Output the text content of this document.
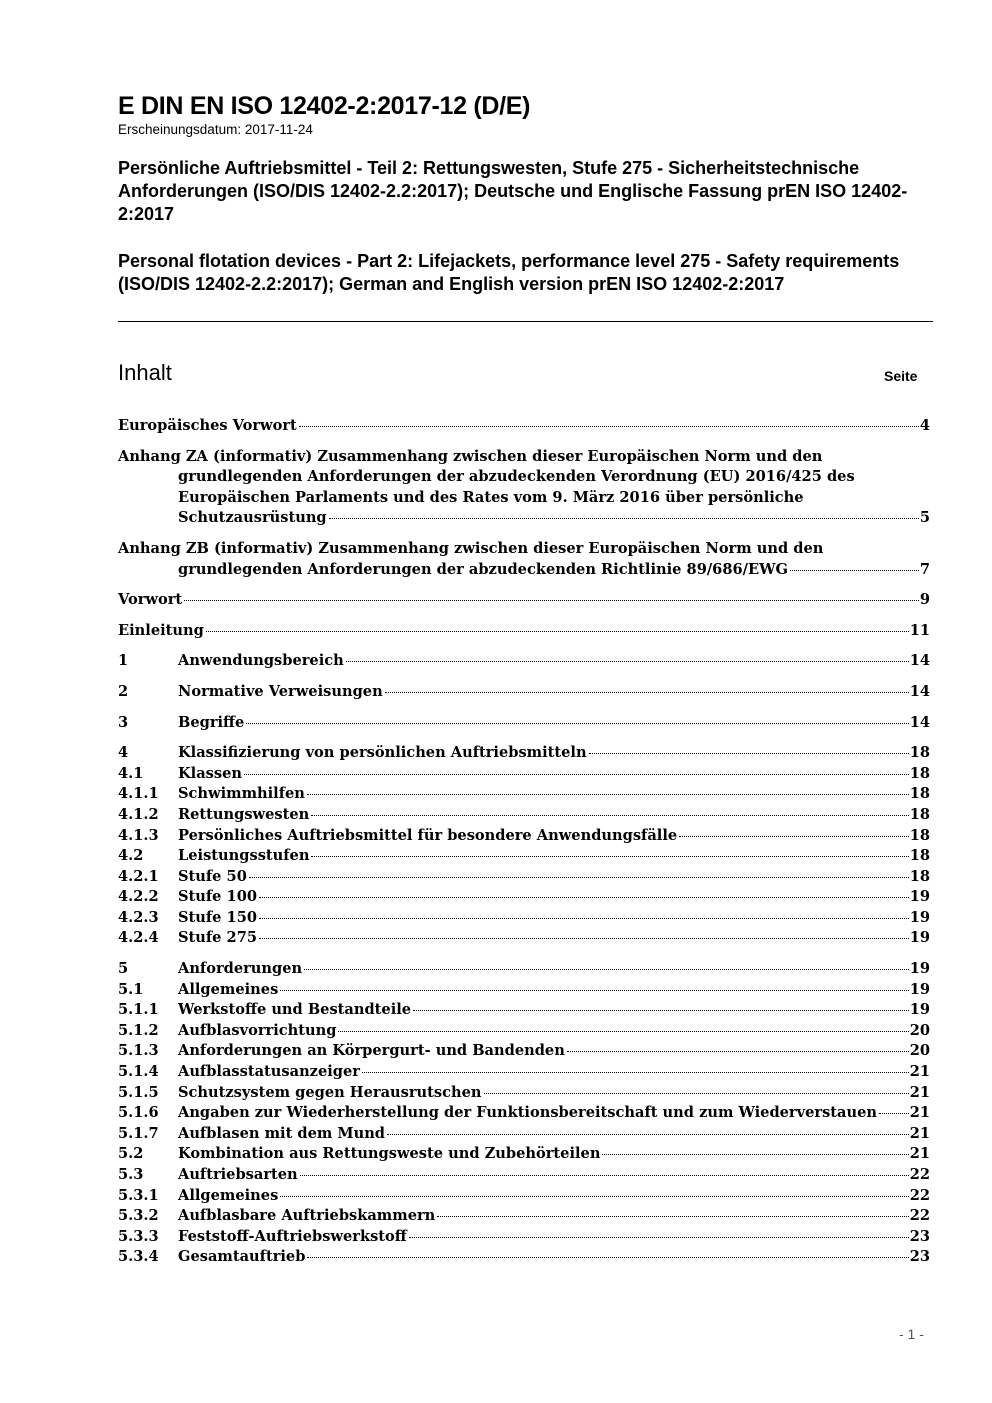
E DIN EN ISO 12402-2:2017-12 (D/E)
Erscheinungsdatum: 2017-11-24
Persönliche Auftriebsmittel - Teil 2: Rettungswesten, Stufe 275 - Sicherheitstechnische Anforderungen (ISO/DIS 12402-2.2:2017); Deutsche und Englische Fassung prEN ISO 12402-2:2017
Personal flotation devices - Part 2: Lifejackets, performance level 275 - Safety requirements (ISO/DIS 12402-2.2:2017); German and English version prEN ISO 12402-2:2017
Inhalt	Seite
Europäisches Vorwort	4
Anhang ZA (informativ) Zusammenhang zwischen dieser Europäischen Norm und den grundlegenden Anforderungen der abzudeckenden Verordnung (EU) 2016/425 des Europäischen Parlaments und des Rates vom 9. März 2016 über persönliche
Schutzausrüstung	5
Anhang ZB (informativ) Zusammenhang zwischen dieser Europäischen Norm und den
grundlegenden Anforderungen der abzudeckenden Richtlinie 89/686/EWG	7
Vorwort	9
Einleitung	11
1	Anwendungsbereich	14
2	Normative Verweisungen	14
3	Begriffe	14
4	Klassifizierung von persönlichen Auftriebsmitteln	18
4.1	Klassen	18
4.1.1	Schwimmhilfen	18
4.1.2	Rettungswesten	18
4.1.3	Persönliches Auftriebsmittel für besondere Anwendungsfälle	18
4.2	Leistungsstufen	18
4.2.1	Stufe 50	18
4.2.2	Stufe 100	19
4.2.3	Stufe 150	19
4.2.4	Stufe 275	19
5	Anforderungen	19
5.1	Allgemeines	19
5.1.1	Werkstoffe und Bestandteile	19
5.1.2	Aufblasvorrichtung	20
5.1.3	Anforderungen an Körpergurt- und Bandenden	20
5.1.4	Aufblasstatusanzeiger	21
5.1.5	Schutzsystem gegen Herausrutschen	21
5.1.6	Angaben zur Wiederherstellung der Funktionsbereitschaft und zum Wiederverstauen 21
5.1.7	Aufblasen mit dem Mund	21
5.2	Kombination aus Rettungsweste und Zubehörteilen	21
5.3	Auftriebsarten	22
5.3.1	Allgemeines	22
5.3.2	Aufblasbare Auftriebskammern	22
5.3.3	Feststoff-Auftriebswerkstoff	23
5.3.4	Gesamtauftrieb	23
- 1 -
